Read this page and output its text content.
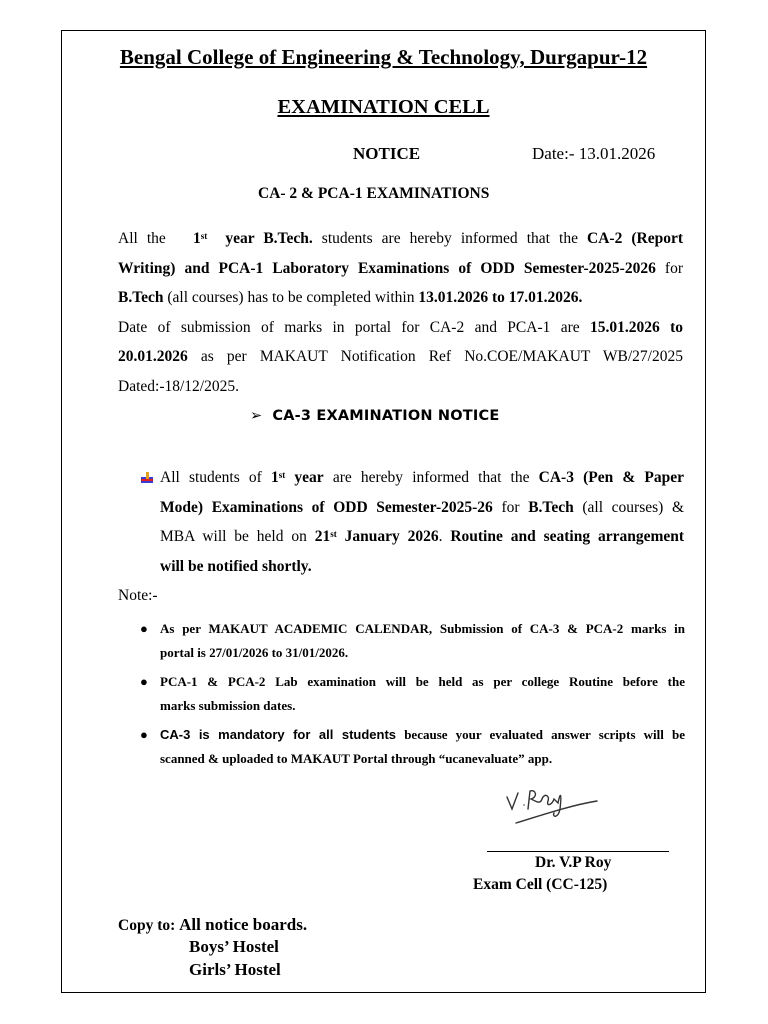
Bengal College of Engineering & Technology, Durgapur-12
EXAMINATION CELL
NOTICE	Date:- 13.01.2026
CA- 2 & PCA-1 EXAMINATIONS
All the 1st year B.Tech. students are hereby informed that the CA-2 (Report
Writing) and PCA-1 Laboratory Examinations of ODD Semester-2025-2026 for
B.Tech (all courses) has to be completed within 13.01.2026 to 17.01.2026.
Date of submission of marks in portal for CA-2 and PCA-1 are 15.01.2026 to
20.01.2026 as per MAKAUT Notification Ref No.COE/MAKAUT WB/27/2025
Dated:-18/12/2025.
➢ CA-3 EXAMINATION NOTICE
All students of 1st year are hereby informed that the CA-3 (Pen & Paper
Mode) Examinations of ODD Semester-2025-26 for B.Tech (all courses) &
MBA will be held on 21st January 2026. Routine and seating arrangement
will be notified shortly.
Note:-
● As per MAKAUT ACADEMIC CALENDAR, Submission of CA-3 & PCA-2 marks in
portal is 27/01/2026 to 31/01/2026.
● PCA-1 & PCA-2 Lab examination will be held as per college Routine before the
marks submission dates.
● CA-3 is mandatory for all students because your evaluated answer scripts will be
scanned & uploaded to MAKAUT Portal through “ucanevaluate” app.
Dr. V.P Roy
Exam Cell (CC-125)
Copy to: All notice boards.
Boys’ Hostel
Girls’ Hostel
